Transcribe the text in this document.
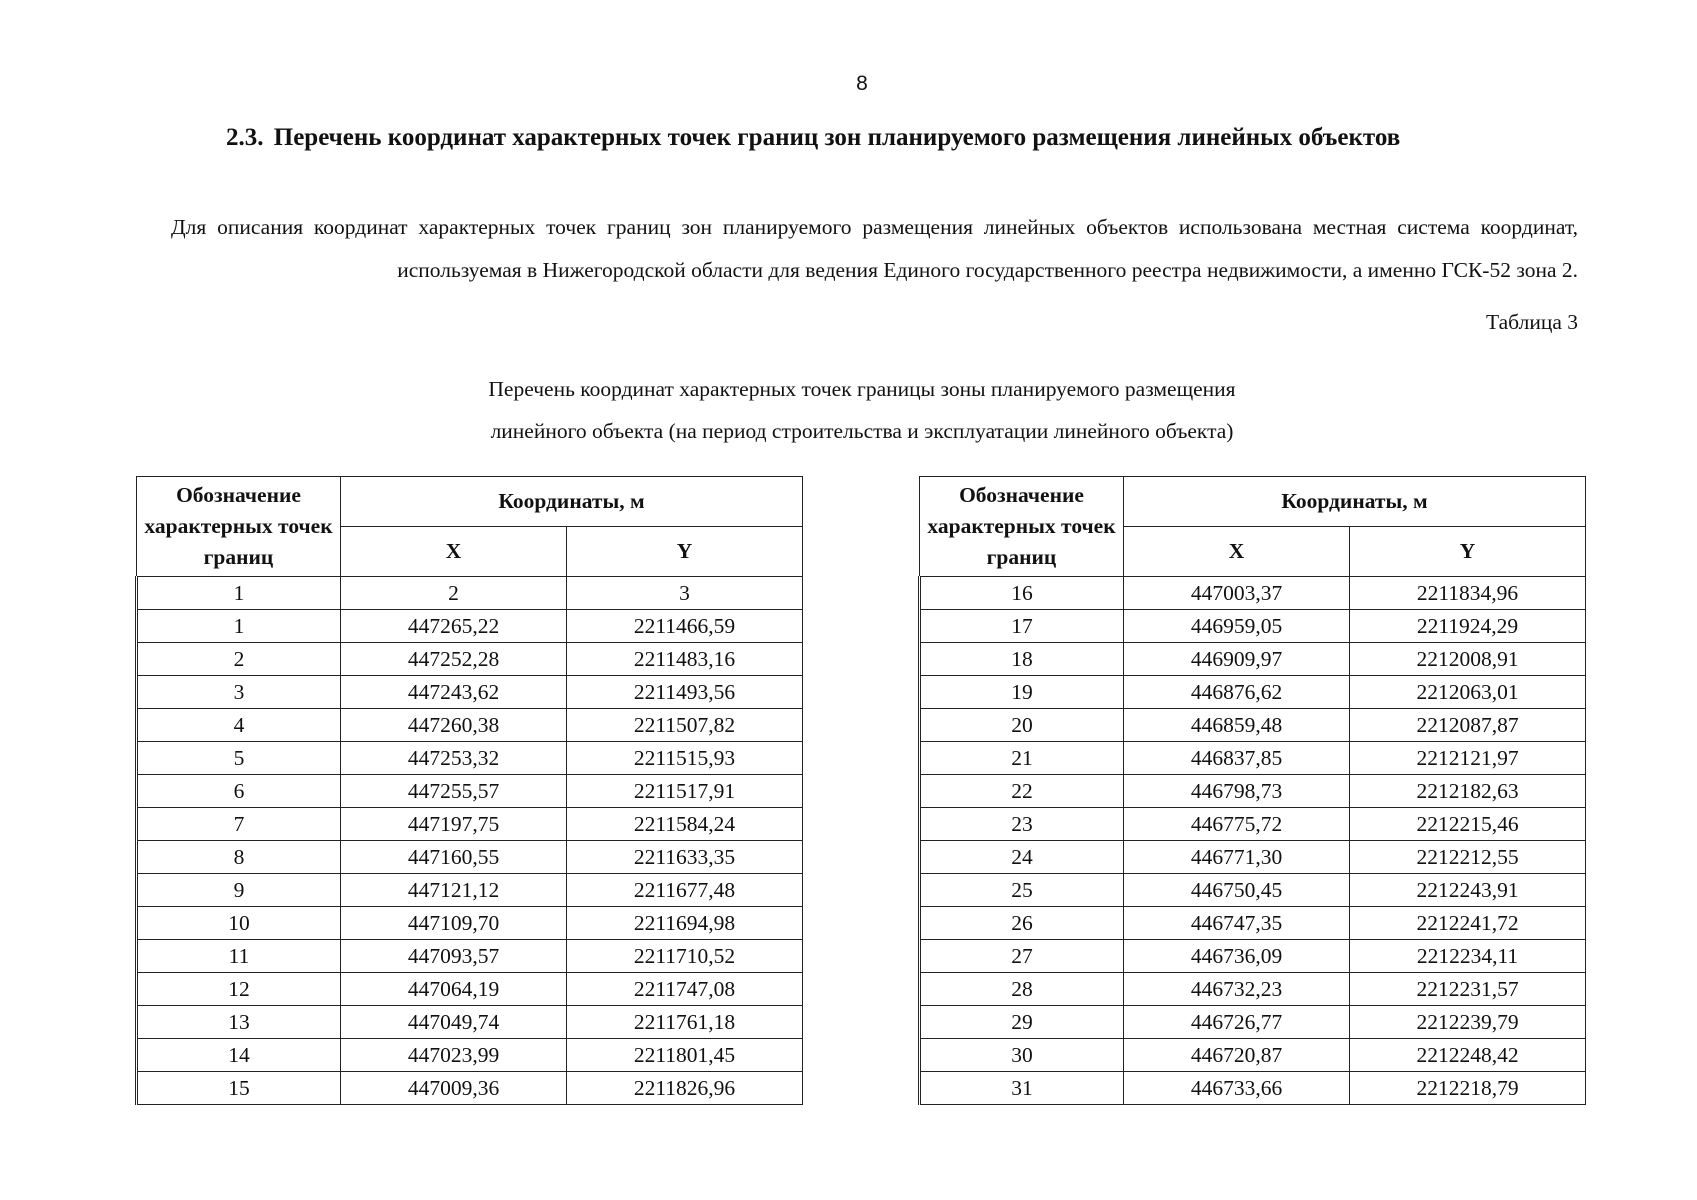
8
2.3. Перечень координат характерных точек границ зон планируемого размещения линейных объектов

Для описания координат характерных точек границ зон планируемого размещения линейных объектов использована местная система координат, используемая в Нижегородской области для ведения Единого государственного реестра недвижимости, а именно ГСК-52 зона 2.

Таблица 3

Перечень координат характерных точек границы зоны планируемого размещения

линейного объекта (на период строительства и эксплуатации линейного объекта)

Обозначение характерных точек границ	Координаты, м	
	X	Y
1	2	3
1	447265,22	2211466,59
2	447252,28	2211483,16
3	447243,62	2211493,56
4	447260,38	2211507,82
5	447253,32	2211515,93
6	447255,57	2211517,91
7	447197,75	2211584,24
8	447160,55	2211633,35
9	447121,12	2211677,48
10	447109,70	2211694,98
11	447093,57	2211710,52
12	447064,19	2211747,08
13	447049,74	2211761,18
14	447023,99	2211801,45
15	447009,36	2211826,96
Обозначение характерных точек границ	Координаты, м	
	X	Y
16	447003,37	2211834,96
17	446959,05	2211924,29
18	446909,97	2212008,91
19	446876,62	2212063,01
20	446859,48	2212087,87
21	446837,85	2212121,97
22	446798,73	2212182,63
23	446775,72	2212215,46
24	446771,30	2212212,55
25	446750,45	2212243,91
26	446747,35	2212241,72
27	446736,09	2212234,11
28	446732,23	2212231,57
29	446726,77	2212239,79
30	446720,87	2212248,42
31	446733,66	2212218,79
